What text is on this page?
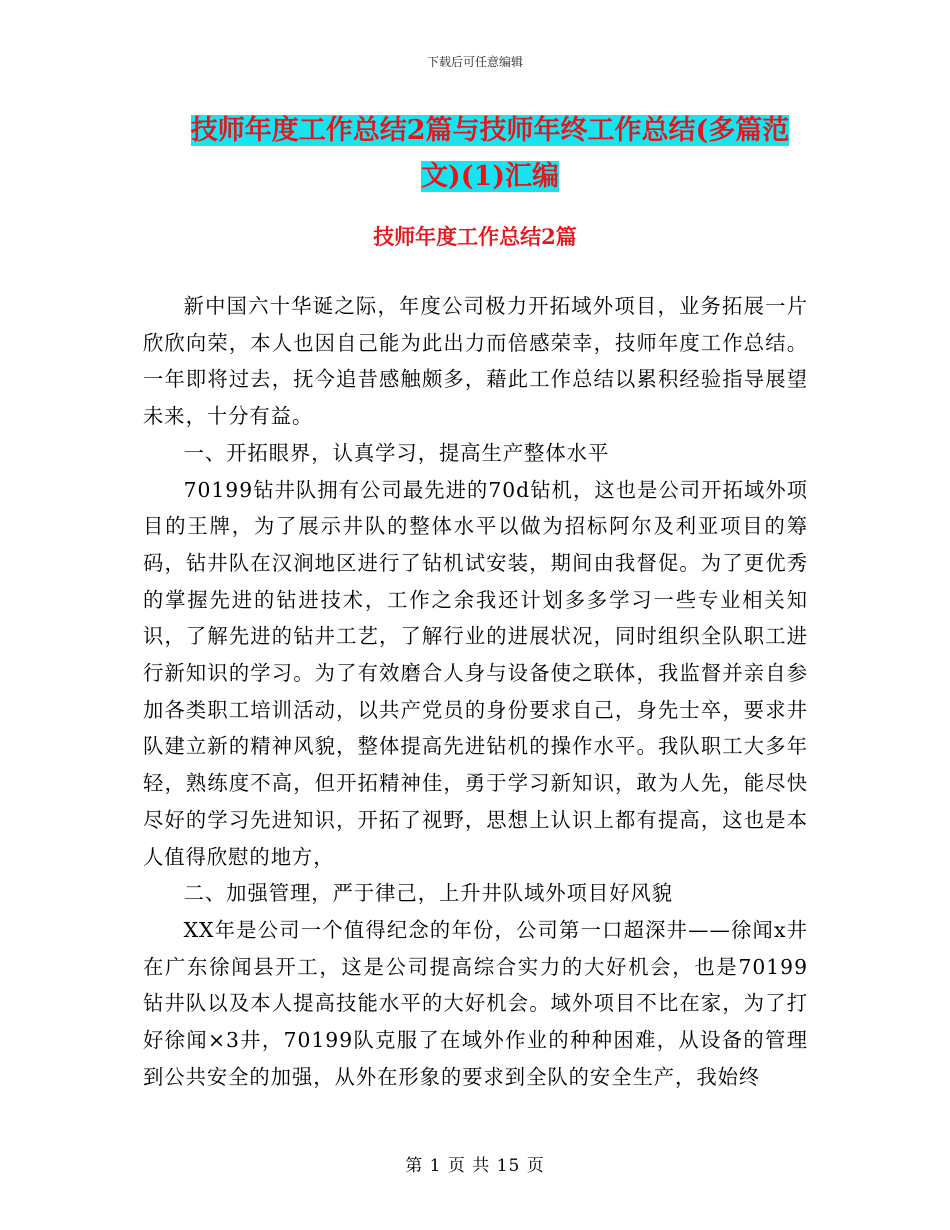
下载后可任意编辑
技师年度工作总结2篇与技师年终工作总结(多篇范
文)(1)汇编
技师年度工作总结2篇

新中国六十华诞之际，年度公司极力开拓域外项目，业务拓展一片欣欣向荣，本人也因自己能为此出力而倍感荣幸，技师年度工作总结。一年即将过去，抚今追昔感触颇多，藉此工作总结以累积经验指导展望未来，十分有益。

一、开拓眼界，认真学习，提高生产整体水平

70199钻井队拥有公司最先进的70d钻机，这也是公司开拓域外项目的王牌，为了展示井队的整体水平以做为招标阿尔及利亚项目的筹码，钻井队在汉涧地区进行了钻机试安装，期间由我督促。为了更优秀的掌握先进的钻进技术，工作之余我还计划多多学习一些专业相关知识，了解先进的钻井工艺，了解行业的进展状况，同时组织全队职工进行新知识的学习。为了有效磨合人身与设备使之联体，我监督并亲自参加各类职工培训活动，以共产党员的身份要求自己，身先士卒，要求井队建立新的精神风貌，整体提高先进钻机的操作水平。我队职工大多年轻，熟练度不高，但开拓精神佳，勇于学习新知识，敢为人先，能尽快尽好的学习先进知识，开拓了视野，思想上认识上都有提高，这也是本人值得欣慰的地方，

二、加强管理，严于律己，上升井队域外项目好风貌

XX年是公司一个值得纪念的年份，公司第一口超深井——徐闻x井在广东徐闻县开工，这是公司提高综合实力的大好机会，也是70199钻井队以及本人提高技能水平的大好机会。域外项目不比在家，为了打好徐闻×3井，70199队克服了在域外作业的种种困难，从设备的管理到公共安全的加强，从外在形象的要求到全队的安全生产，我始终

第 1 页 共 15 页
